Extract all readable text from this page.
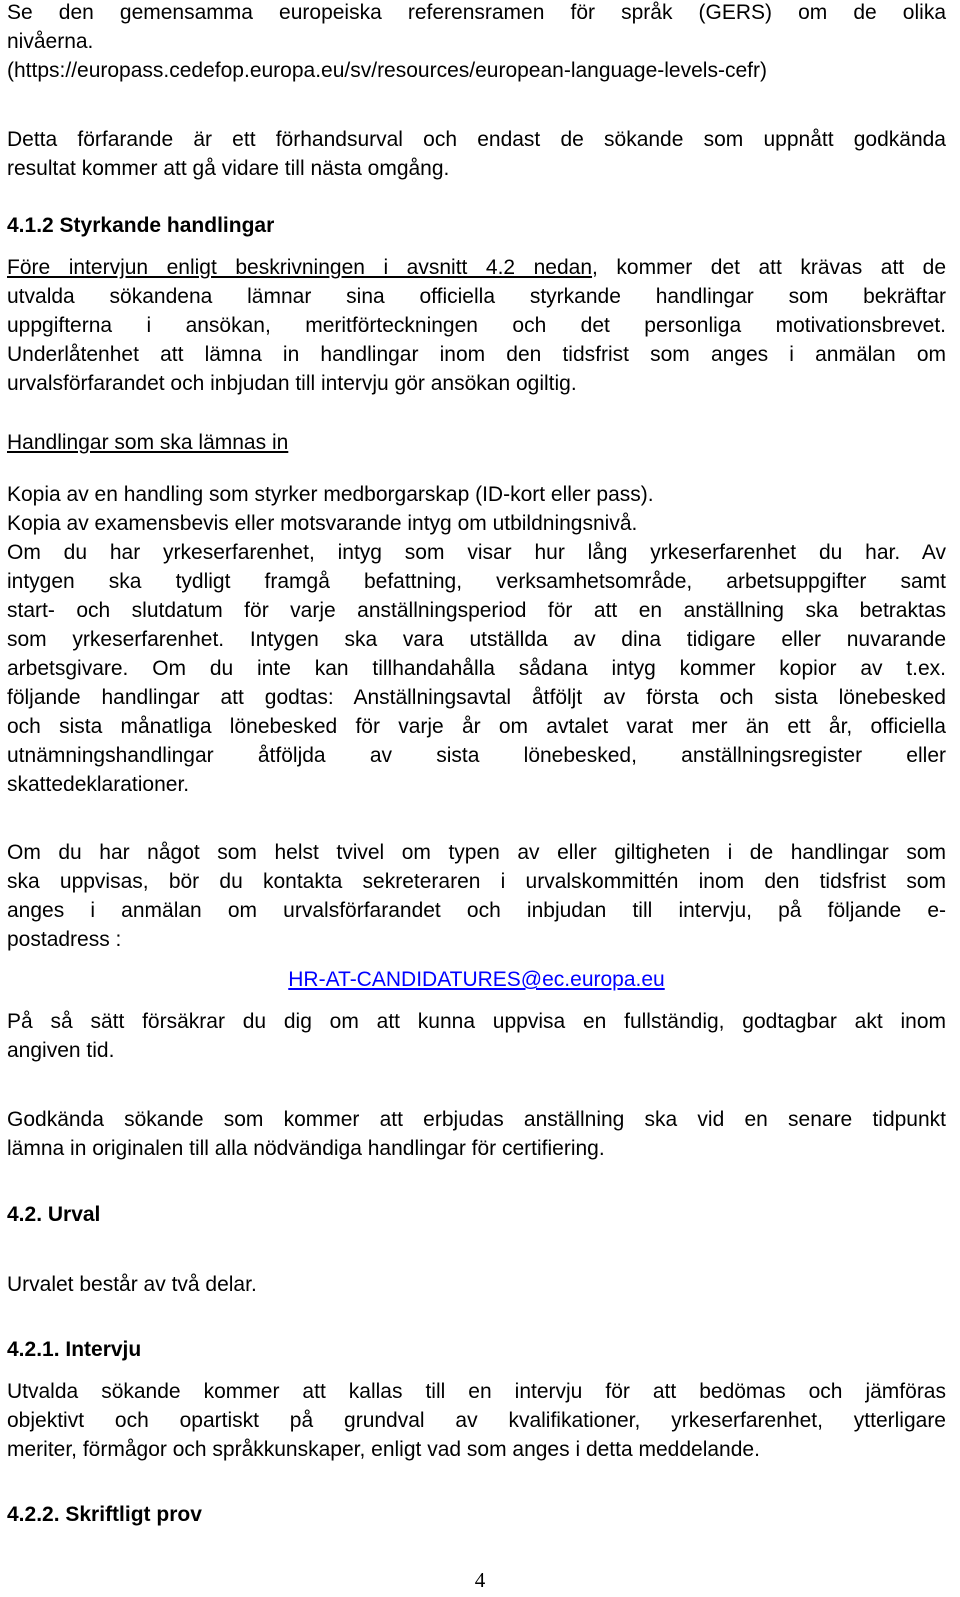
Se den gemensamma europeiska referensramen för språk (GERS) om de olika
nivåerna.
(https://europass.cedefop.europa.eu/sv/resources/european-language-levels-cefr)
Detta förfarande är ett förhandsurval och endast de sökande som uppnått godkända
resultat kommer att gå vidare till nästa omgång.
4.1.2 Styrkande handlingar
Före intervjun enligt beskrivningen i avsnitt 4.2 nedan, kommer det att krävas att de
utvalda sökandena lämnar sina officiella styrkande handlingar som bekräftar
uppgifterna i ansökan, meritförteckningen och det personliga motivationsbrevet.
Underlåtenhet att lämna in handlingar inom den tidsfrist som anges i anmälan om
urvalsförfarandet och inbjudan till intervju gör ansökan ogiltig.
Handlingar som ska lämnas in
Kopia av en handling som styrker medborgarskap (ID-kort eller pass).
Kopia av examensbevis eller motsvarande intyg om utbildningsnivå.
Om du har yrkeserfarenhet, intyg som visar hur lång yrkeserfarenhet du har. Av
intygen ska tydligt framgå befattning, verksamhetsområde, arbetsuppgifter samt
start- och slutdatum för varje anställningsperiod för att en anställning ska betraktas
som yrkeserfarenhet. Intygen ska vara utställda av dina tidigare eller nuvarande
arbetsgivare. Om du inte kan tillhandahålla sådana intyg kommer kopior av t.ex.
följande handlingar att godtas: Anställningsavtal åtföljt av första och sista lönebesked
och sista månatliga lönebesked för varje år om avtalet varat mer än ett år, officiella
utnämningshandlingar åtföljda av sista lönebesked, anställningsregister eller
skattedeklarationer.
Om du har något som helst tvivel om typen av eller giltigheten i de handlingar som
ska uppvisas, bör du kontakta sekreteraren i urvalskommittén inom den tidsfrist som
anges i anmälan om urvalsförfarandet och inbjudan till intervju, på följande e-
postadress :
HR-AT-CANDIDATURES@ec.europa.eu
På så sätt försäkrar du dig om att kunna uppvisa en fullständig, godtagbar akt inom
angiven tid.
Godkända sökande som kommer att erbjudas anställning ska vid en senare tidpunkt
lämna in originalen till alla nödvändiga handlingar för certifiering.
4.2. Urval
Urvalet består av två delar.
4.2.1. Intervju
Utvalda sökande kommer att kallas till en intervju för att bedömas och jämföras
objektivt och opartiskt på grundval av kvalifikationer, yrkeserfarenhet, ytterligare
meriter, förmågor och språkkunskaper, enligt vad som anges i detta meddelande.
4.2.2. Skriftligt prov
4
